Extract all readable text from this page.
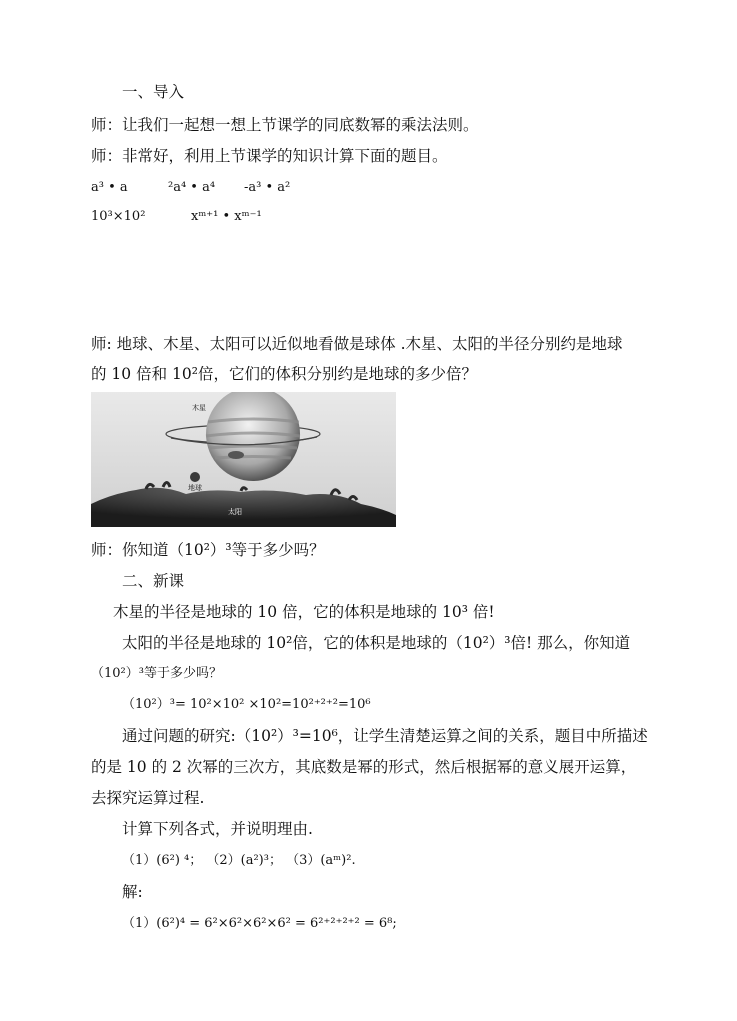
一、导入
师：让我们一起想一想上节课学的同底数幂的乘法法则。
师：非常好，利用上节课学的知识计算下面的题目。
a³ • a	²a⁴ • a⁴ -a³ • a²
10³×10²	xᵐ⁺¹ • xᵐ⁻¹
师: 地球、木星、太阳可以近似地看做是球体 .木星、太阳的半径分别约是地球
的 10 倍和 10²倍，它们的体积分别约是地球的多少倍？
木星
地球
太阳
师：你知道（10²）³等于多少吗？
二、新课
木星的半径是地球的 10 倍，它的体积是地球的 10³ 倍!
太阳的半径是地球的 10²倍，它的体积是地球的（10²）³倍! 那么，你知道
（10²）³等于多少吗？
（10²）³= 10²×10² ×10²=10²⁺²⁺²=10⁶
通过问题的研究:（10²）³=10⁶，让学生清楚运算之间的关系，题目中所描述
的是 10 的 2 次幂的三次方，其底数是幂的形式，然后根据幂的意义展开运算，
去探究运算过程.
计算下列各式，并说明理由.
（1）(6²) ⁴； （2）(a²)³； （3）(aᵐ)².
解:
（1）(6²)⁴ = 6²×6²×6²×6² = 6²⁺²⁺²⁺² = 6⁸;
